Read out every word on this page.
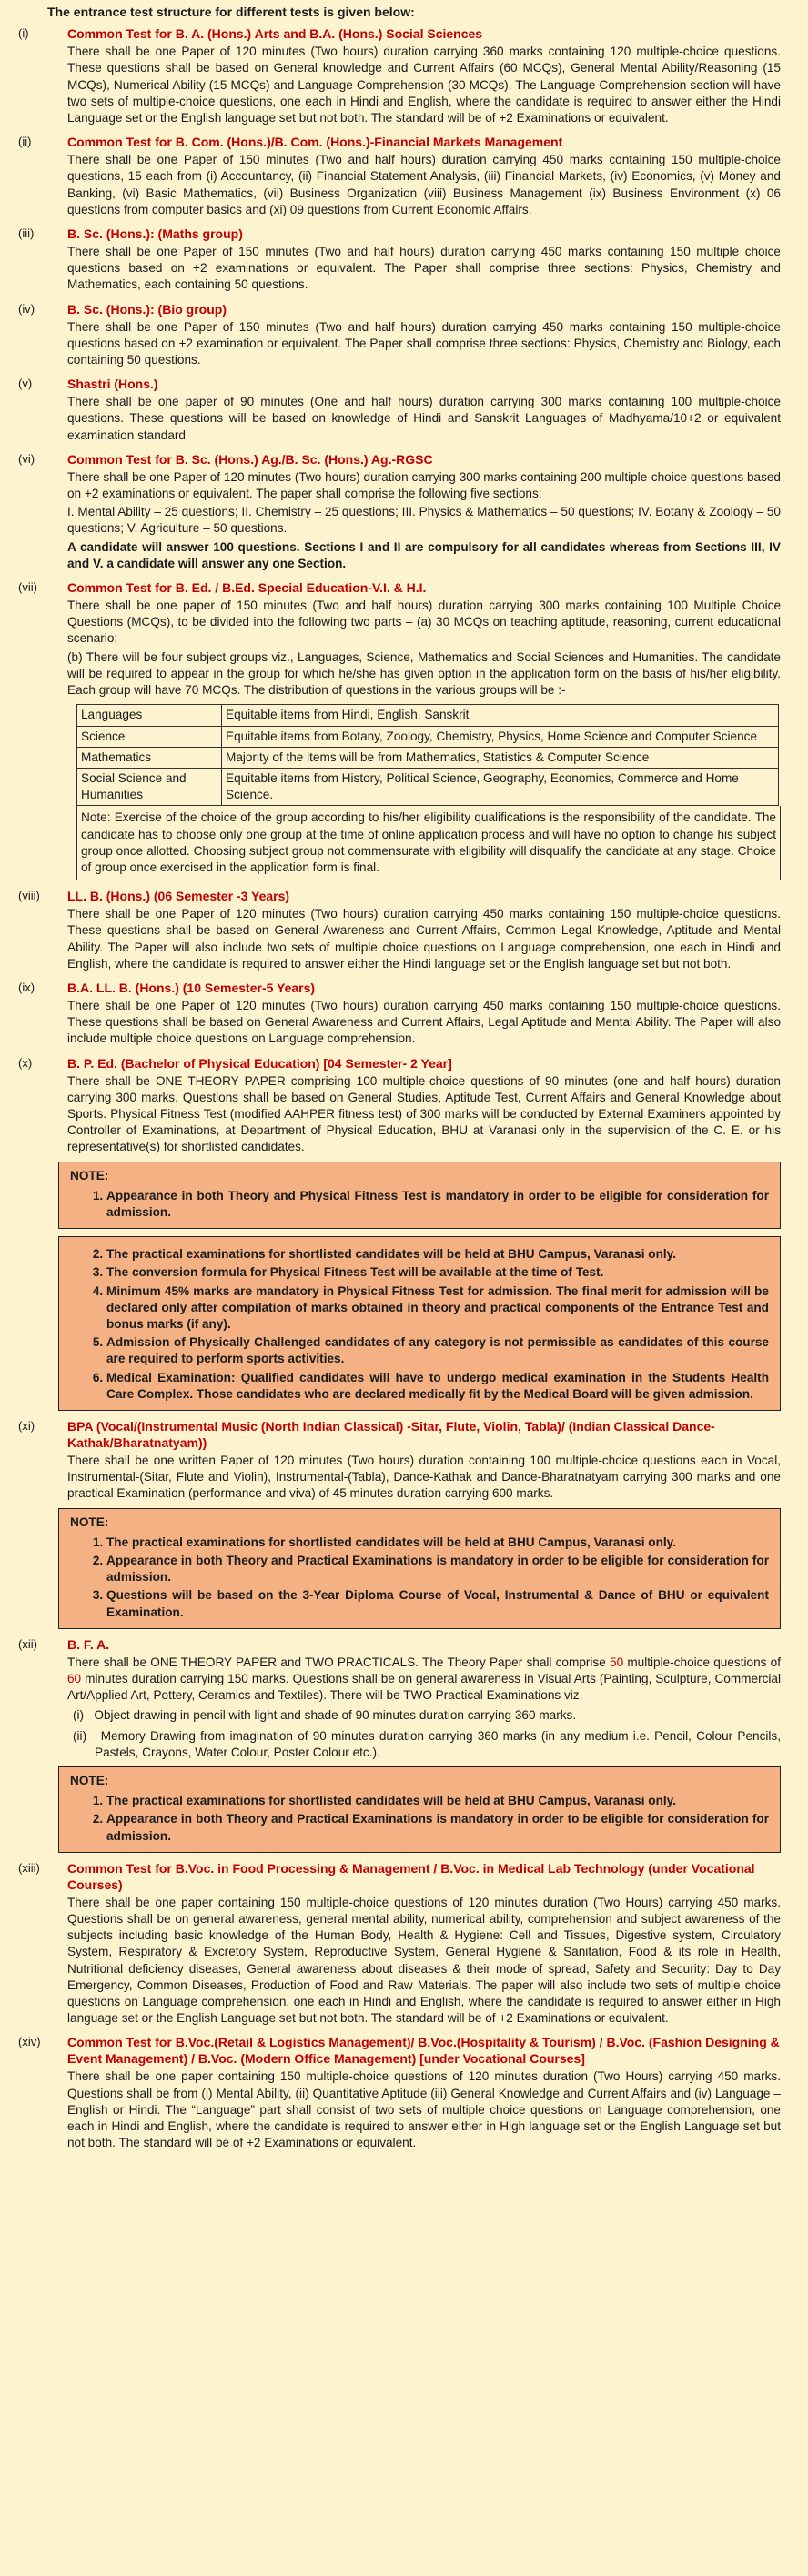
The entrance test structure for different tests is given below:
(i)	Common Test for B. A. (Hons.) Arts and B.A. (Hons.) Social Sciences

There shall be one Paper of 120 minutes (Two hours) duration carrying 360 marks containing 120 multiple-choice questions. These questions shall be based on General knowledge and Current Affairs (60 MCQs), General Mental Ability/Reasoning (15 MCQs), Numerical Ability (15 MCQs) and Language Comprehension (30 MCQs). The Language Comprehension section will have two sets of multiple-choice questions, one each in Hindi and English, where the candidate is required to answer either the Hindi Language set or the English language set but not both. The standard will be of +2 Examinations or equivalent.

(ii)	Common Test for B. Com. (Hons.)/B. Com. (Hons.)-Financial Markets Management

There shall be one Paper of 150 minutes (Two and half hours) duration carrying 450 marks containing 150 multiple-choice questions, 15 each from (i) Accountancy, (ii) Financial Statement Analysis, (iii) Financial Markets, (iv) Economics, (v) Money and Banking, (vi) Basic Mathematics, (vii) Business Organization (viii) Business Management (ix) Business Environment (x) 06 questions from computer basics and (xi) 09 questions from Current Economic Affairs.

(iii)	B. Sc. (Hons.): (Maths group)

There shall be one Paper of 150 minutes (Two and half hours) duration carrying 450 marks containing 150 multiple choice questions based on +2 examinations or equivalent. The Paper shall comprise three sections: Physics, Chemistry and Mathematics, each containing 50 questions.

(iv)	B. Sc. (Hons.): (Bio group)

There shall be one Paper of 150 minutes (Two and half hours) duration carrying 450 marks containing 150 multiple-choice questions based on +2 examination or equivalent. The Paper shall comprise three sections: Physics, Chemistry and Biology, each containing 50 questions.

(v)	Shastri (Hons.)

There shall be one paper of 90 minutes (One and half hours) duration carrying 300 marks containing 100 multiple-choice questions. These questions will be based on knowledge of Hindi and Sanskrit Languages of Madhyama/10+2 or equivalent examination standard

(vi)	Common Test for B. Sc. (Hons.) Ag./B. Sc. (Hons.) Ag.-RGSC

There shall be one Paper of 120 minutes (Two hours) duration carrying 300 marks containing 200 multiple-choice questions based on +2 examinations or equivalent. The paper shall comprise the following five sections:

I. Mental Ability – 25 questions; II. Chemistry – 25 questions; III. Physics & Mathematics – 50 questions; IV. Botany & Zoology – 50 questions; V. Agriculture – 50 questions.

A candidate will answer 100 questions. Sections I and II are compulsory for all candidates whereas from Sections III, IV and V. a candidate will answer any one Section.

(vii) Common Test for B. Ed. / B.Ed. Special Education-V.I. & H.I.

There shall be one paper of 150 minutes (Two and half hours) duration carrying 300 marks containing 100 Multiple Choice Questions (MCQs), to be divided into the following two parts – (a) 30 MCQs on teaching aptitude, reasoning, current educational scenario;

(b) There will be four subject groups viz., Languages, Science, Mathematics and Social Sciences and Humanities. The candidate will be required to appear in the group for which he/she has given option in the application form on the basis of his/her eligibility. Each group will have 70 MCQs. The distribution of questions in the various groups will be :-

Languages	Equitable items from Hindi, English, Sanskrit
Science	Equitable items from Botany, Zoology, Chemistry, Physics, Home Science and Computer Science
Mathematics	Majority of the items will be from Mathematics, Statistics & Computer Science
Social Science and Humanities	Equitable items from History, Political Science, Geography, Economics, Commerce and Home Science.
Note: Exercise of the choice of the group according to his/her eligibility qualifications is the responsibility of the candidate. The candidate has to choose only one group at the time of online application process and will have no option to change his subject group once allotted. Choosing subject group not commensurate with eligibility will disqualify the candidate at any stage. Choice of group once exercised in the application form is final.
(viii) LL. B. (Hons.) (06 Semester -3 Years)

There shall be one Paper of 120 minutes (Two hours) duration carrying 450 marks containing 150 multiple-choice questions. These questions shall be based on General Awareness and Current Affairs, Common Legal Knowledge, Aptitude and Mental Ability. The Paper will also include two sets of multiple choice questions on Language comprehension, one each in Hindi and English, where the candidate is required to answer either the Hindi language set or the English language set but not both.

(ix)	B.A. LL. B. (Hons.) (10 Semester-5 Years)

There shall be one Paper of 120 minutes (Two hours) duration carrying 450 marks containing 150 multiple-choice questions. These questions shall be based on General Awareness and Current Affairs, Legal Aptitude and Mental Ability. The Paper will also include multiple choice questions on Language comprehension.

(x)	B. P. Ed. (Bachelor of Physical Education) [04 Semester- 2 Year]

There shall be ONE THEORY PAPER comprising 100 multiple-choice questions of 90 minutes (one and half hours) duration carrying 300 marks. Questions shall be based on General Studies, Aptitude Test, Current Affairs and General Knowledge about Sports. Physical Fitness Test (modified AAHPER fitness test) of 300 marks will be conducted by External Examiners appointed by Controller of Examinations, at Department of Physical Education, BHU at Varanasi only in the supervision of the C. E. or his representative(s) for shortlisted candidates.

NOTE:
1. Appearance in both Theory and Physical Fitness Test is mandatory in order to be eligible for consideration for admission.
2. The practical examinations for shortlisted candidates will be held at BHU Campus, Varanasi only.
3. The conversion formula for Physical Fitness Test will be available at the time of Test.
4. Minimum 45% marks are mandatory in Physical Fitness Test for admission. The final merit for admission will be declared only after compilation of marks obtained in theory and practical components of the Entrance Test and bonus marks (if any).
5. Admission of Physically Challenged candidates of any category is not permissible as candidates of this course are required to perform sports activities.
6. Medical Examination: Qualified candidates will have to undergo medical examination in the Students Health Care Complex. Those candidates who are declared medically fit by the Medical Board will be given admission.
(xi)	BPA (Vocal/(Instrumental Music (North Indian Classical) -Sitar, Flute, Violin, Tabla)/ (Indian Classical Dance-Kathak/Bharatnatyam))

There shall be one written Paper of 120 minutes (Two hours) duration containing 100 multiple-choice questions each in Vocal, Instrumental-(Sitar, Flute and Violin), Instrumental-(Tabla), Dance-Kathak and Dance-Bharatnatyam carrying 300 marks and one practical Examination (performance and viva) of 45 minutes duration carrying 600 marks.

NOTE:
1. The practical examinations for shortlisted candidates will be held at BHU Campus, Varanasi only.
2. Appearance in both Theory and Practical Examinations is mandatory in order to be eligible for consideration for admission.
3. Questions will be based on the 3-Year Diploma Course of Vocal, Instrumental & Dance of BHU or equivalent Examination.
(xii) B. F. A.

There shall be ONE THEORY PAPER and TWO PRACTICALS. The Theory Paper shall comprise 50 multiple-choice questions of 60 minutes duration carrying 150 marks. Questions shall be on general awareness in Visual Arts (Painting, Sculpture, Commercial Art/Applied Art, Pottery, Ceramics and Textiles). There will be TWO Practical Examinations viz.

(i) Object drawing in pencil with light and shade of 90 minutes duration carrying 360 marks.
(ii) Memory Drawing from imagination of 90 minutes duration carrying 360 marks (in any medium i.e. Pencil, Colour Pencils, Pastels, Crayons, Water Colour, Poster Colour etc.).
NOTE:
1. The practical examinations for shortlisted candidates will be held at BHU Campus, Varanasi only.
2. Appearance in both Theory and Practical Examinations is mandatory in order to be eligible for consideration for admission.
(xiii) Common Test for B.Voc. in Food Processing & Management / B.Voc. in Medical Lab Technology (under Vocational Courses)

There shall be one paper containing 150 multiple-choice questions of 120 minutes duration (Two Hours) carrying 450 marks. Questions shall be on general awareness, general mental ability, numerical ability, comprehension and subject awareness of the subjects including basic knowledge of the Human Body, Health & Hygiene: Cell and Tissues, Digestive system, Circulatory System, Respiratory & Excretory System, Reproductive System, General Hygiene & Sanitation, Food & its role in Health, Nutritional deficiency diseases, General awareness about diseases & their mode of spread, Safety and Security: Day to Day Emergency, Common Diseases, Production of Food and Raw Materials. The paper will also include two sets of multiple choice questions on Language comprehension, one each in Hindi and English, where the candidate is required to answer either in High language set or the English Language set but not both. The standard will be of +2 Examinations or equivalent.

(xiv) Common Test for B.Voc.(Retail & Logistics Management)/ B.Voc.(Hospitality & Tourism) / B.Voc. (Fashion Designing & Event Management) / B.Voc. (Modern Office Management) [under Vocational Courses]

There shall be one paper containing 150 multiple-choice questions of 120 minutes duration (Two Hours) carrying 450 marks. Questions shall be from (i) Mental Ability, (ii) Quantitative Aptitude (iii) General Knowledge and Current Affairs and (iv) Language – English or Hindi. The “Language” part shall consist of two sets of multiple choice questions on Language comprehension, one each in Hindi and English, where the candidate is required to answer either in High language set or the English Language set but not both. The standard will be of +2 Examinations or equivalent.
